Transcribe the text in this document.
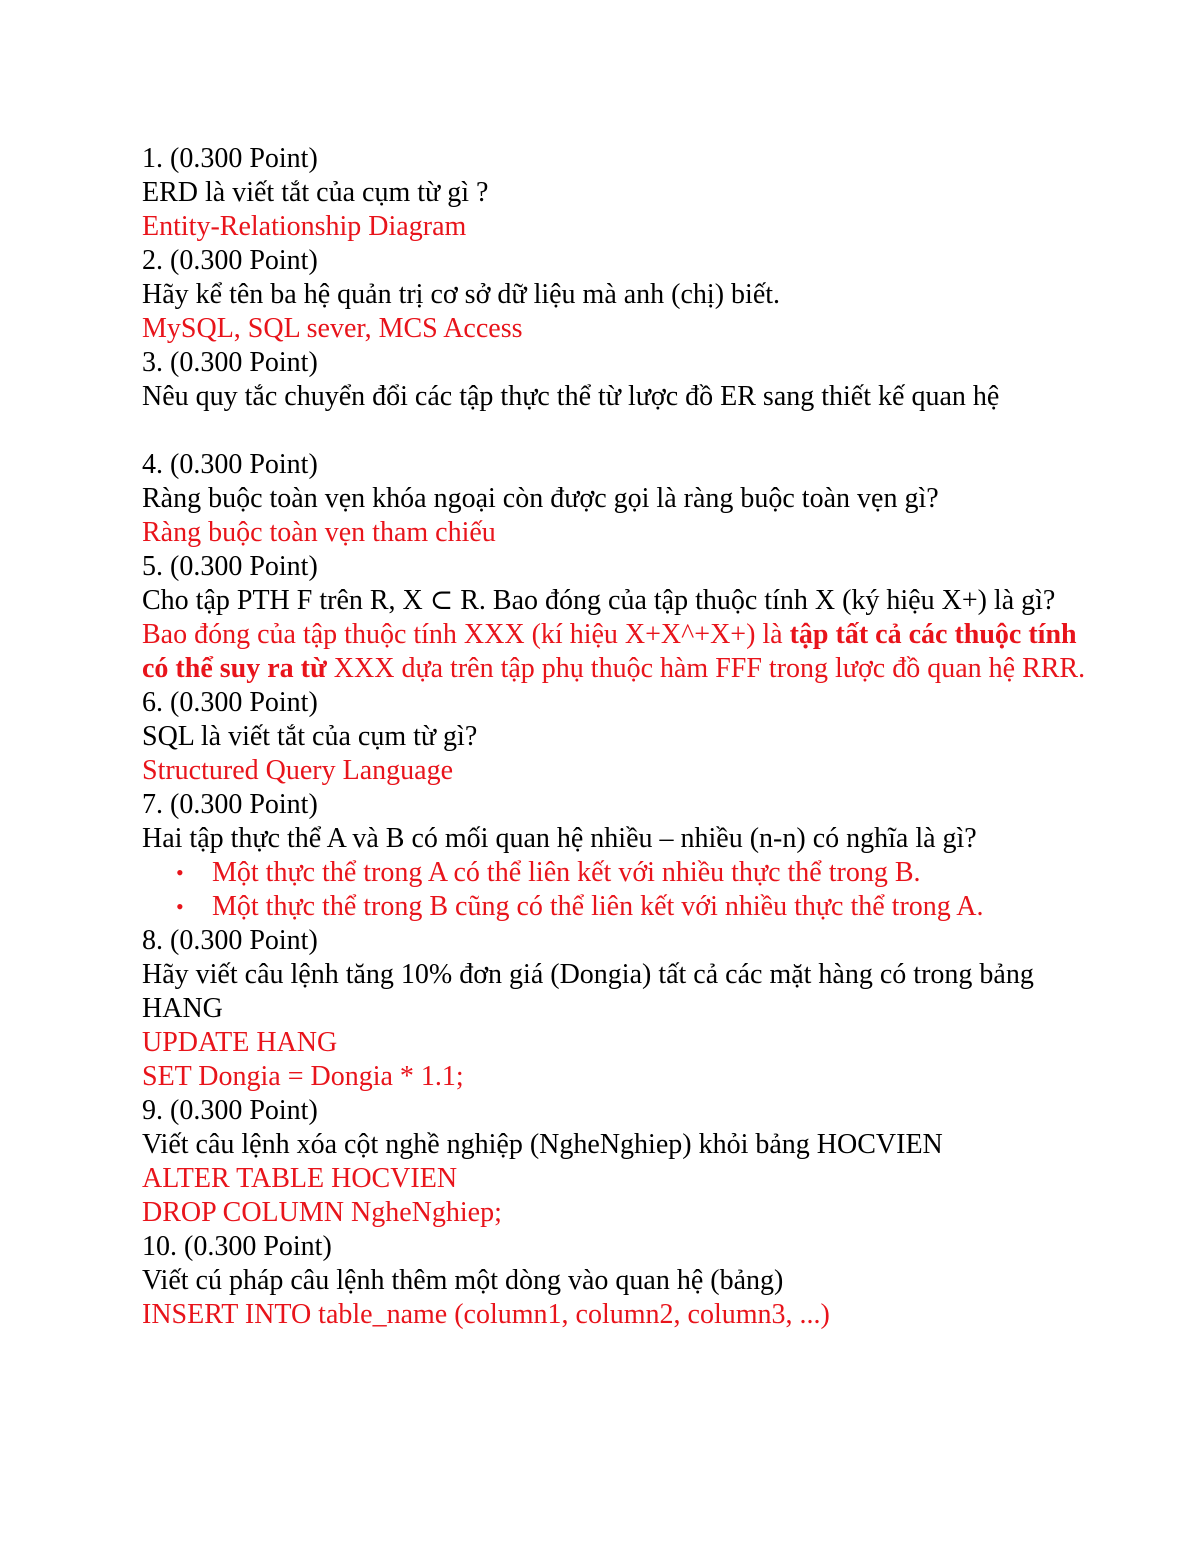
1. (0.300 Point)
ERD là viết tắt của cụm từ gì ?
Entity-Relationship Diagram
2. (0.300 Point)
Hãy kể tên ba hệ quản trị cơ sở dữ liệu mà anh (chị) biết.
MySQL, SQL sever, MCS Access
3. (0.300 Point)
Nêu quy tắc chuyển đổi các tập thực thể từ lược đồ ER sang thiết kế quan hệ
4. (0.300 Point)
Ràng buộc toàn vẹn khóa ngoại còn được gọi là ràng buộc toàn vẹn gì?
Ràng buộc toàn vẹn tham chiếu
5. (0.300 Point)
Cho tập PTH F trên R, X ⊂ R. Bao đóng của tập thuộc tính X (ký hiệu X+) là gì?
Bao đóng của tập thuộc tính XXX (kí hiệu X+X^+X+) là tập tất cả các thuộc tính có thể suy ra từ XXX dựa trên tập phụ thuộc hàm FFF trong lược đồ quan hệ RRR.
6. (0.300 Point)
SQL là viết tắt của cụm từ gì?
Structured Query Language
7. (0.300 Point)
Hai tập thực thể A và B có mối quan hệ nhiều – nhiều (n-n) có nghĩa là gì?
• Một thực thể trong A có thể liên kết với nhiều thực thể trong B.
• Một thực thể trong B cũng có thể liên kết với nhiều thực thể trong A.
8. (0.300 Point)
Hãy viết câu lệnh tăng 10% đơn giá (Dongia) tất cả các mặt hàng có trong bảng HANG
UPDATE HANG
SET Dongia = Dongia * 1.1;
9. (0.300 Point)
Viết câu lệnh xóa cột nghề nghiệp (NgheNghiep) khỏi bảng HOCVIEN
ALTER TABLE HOCVIEN
DROP COLUMN NgheNghiep;
10. (0.300 Point)
Viết cú pháp câu lệnh thêm một dòng vào quan hệ (bảng)
INSERT INTO table_name (column1, column2, column3, ...)
